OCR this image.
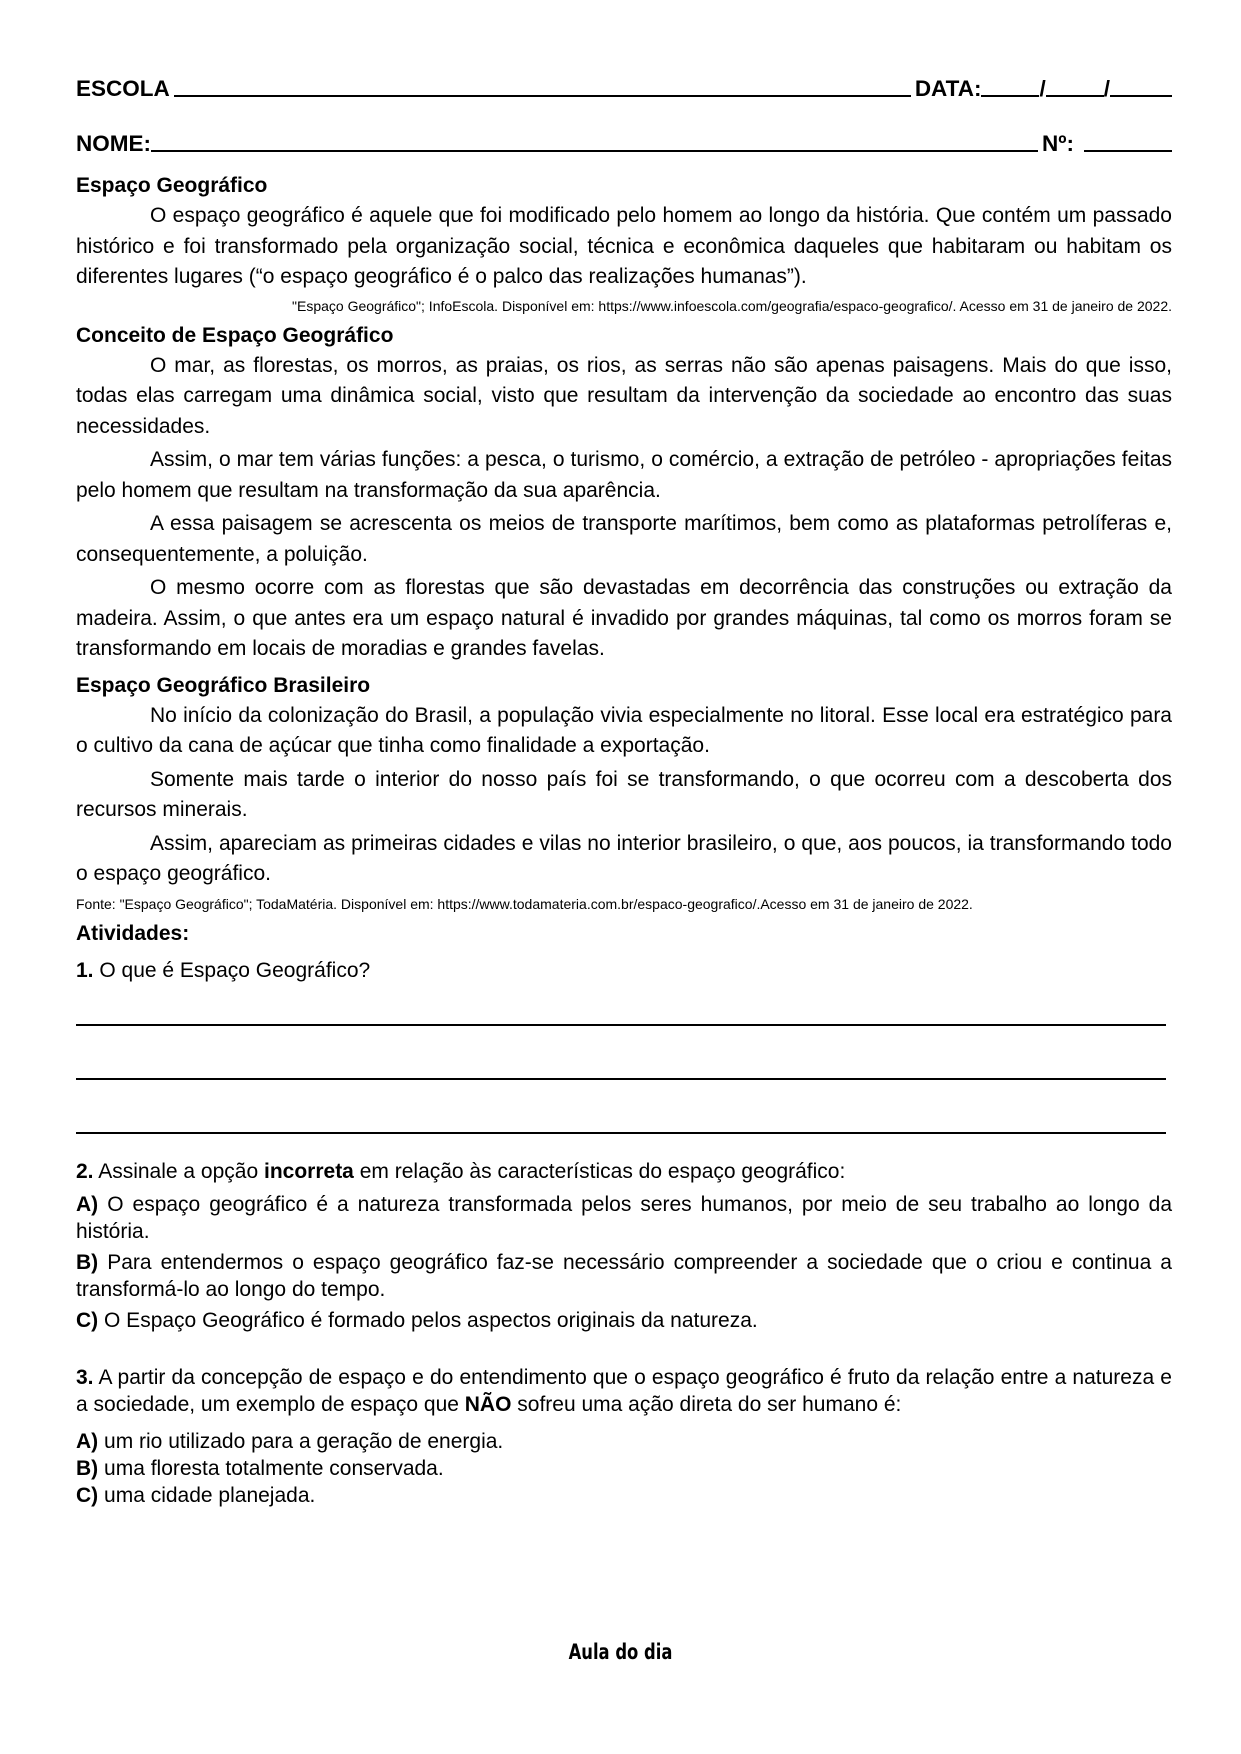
ESCOLA	DATA:	/	/
NOME:	Nº:
Espaço Geográfico

O espaço geográfico é aquele que foi modificado pelo homem ao longo da história. Que contém um passado histórico e foi transformado pela organização social, técnica e econômica daqueles que habitaram ou habitam os diferentes lugares (“o espaço geográfico é o palco das realizações humanas”).

"Espaço Geográfico"; InfoEscola. Disponível em: https://www.infoescola.com/geografia/espaco-geografico/. Acesso em 31 de janeiro de 2022.
Conceito de Espaço Geográfico

O mar, as florestas, os morros, as praias, os rios, as serras não são apenas paisagens. Mais do que isso, todas elas carregam uma dinâmica social, visto que resultam da intervenção da sociedade ao encontro das suas necessidades.

Assim, o mar tem várias funções: a pesca, o turismo, o comércio, a extração de petróleo - apropriações feitas pelo homem que resultam na transformação da sua aparência.

A essa paisagem se acrescenta os meios de transporte marítimos, bem como as plataformas petrolíferas e, consequentemente, a poluição.

O mesmo ocorre com as florestas que são devastadas em decorrência das construções ou extração da madeira. Assim, o que antes era um espaço natural é invadido por grandes máquinas, tal como os morros foram se transformando em locais de moradias e grandes favelas.

Espaço Geográfico Brasileiro

No início da colonização do Brasil, a população vivia especialmente no litoral. Esse local era estratégico para o cultivo da cana de açúcar que tinha como finalidade a exportação.

Somente mais tarde o interior do nosso país foi se transformando, o que ocorreu com a descoberta dos recursos minerais.

Assim, apareciam as primeiras cidades e vilas no interior brasileiro, o que, aos poucos, ia transformando todo o espaço geográfico.

Fonte: "Espaço Geográfico"; TodaMatéria. Disponível em: https://www.todamateria.com.br/espaco-geografico/.Acesso em 31 de janeiro de 2022.
Atividades:

1. O que é Espaço Geográfico?

2. Assinale a opção incorreta em relação às características do espaço geográfico:

A) O espaço geográfico é a natureza transformada pelos seres humanos, por meio de seu trabalho ao longo da história.

B) Para entendermos o espaço geográfico faz-se necessário compreender a sociedade que o criou e continua a transformá-lo ao longo do tempo.

C) O Espaço Geográfico é formado pelos aspectos originais da natureza.

3. A partir da concepção de espaço e do entendimento que o espaço geográfico é fruto da relação entre a natureza e a sociedade, um exemplo de espaço que NÃO sofreu uma ação direta do ser humano é:

A) um rio utilizado para a geração de energia.

B) uma floresta totalmente conservada.

C) uma cidade planejada.

Aula do dia
